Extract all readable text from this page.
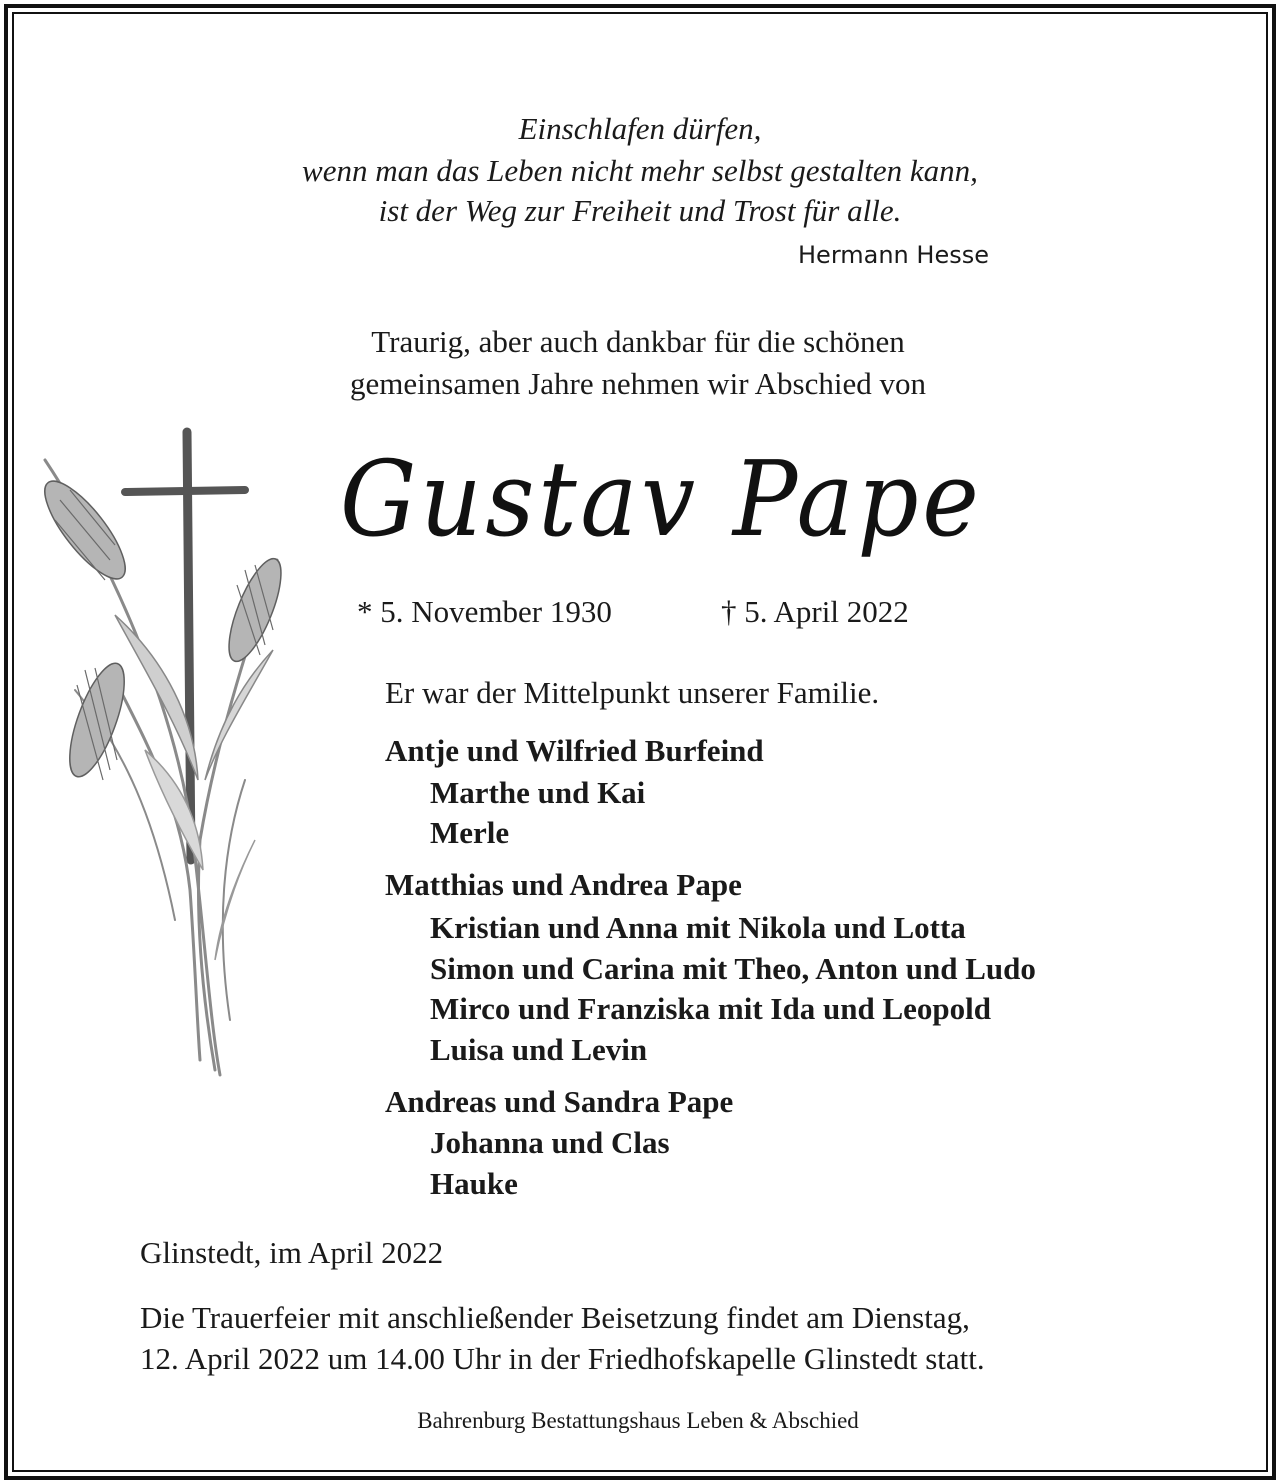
Einschlafen dürfen,
wenn man das Leben nicht mehr selbst gestalten kann,
ist der Weg zur Freiheit und Trost für alle.
Hermann Hesse
Traurig, aber auch dankbar für die schönen
gemeinsamen Jahre nehmen wir Abschied von
Gustav Pape
* 5. November 1930	† 5. April 2022
Er war der Mittelpunkt unserer Familie.
Antje und Wilfried Burfeind
Marthe und Kai
Merle
Matthias und Andrea Pape
Kristian und Anna mit Nikola und Lotta
Simon und Carina mit Theo, Anton und Ludo
Mirco und Franziska mit Ida und Leopold
Luisa und Levin
Andreas und Sandra Pape
Johanna und Clas
Hauke
Glinstedt, im April 2022
Die Trauerfeier mit anschließender Beisetzung findet am Dienstag,
12. April 2022 um 14.00 Uhr in der Friedhofskapelle Glinstedt statt.
Bahrenburg Bestattungshaus Leben & Abschied
